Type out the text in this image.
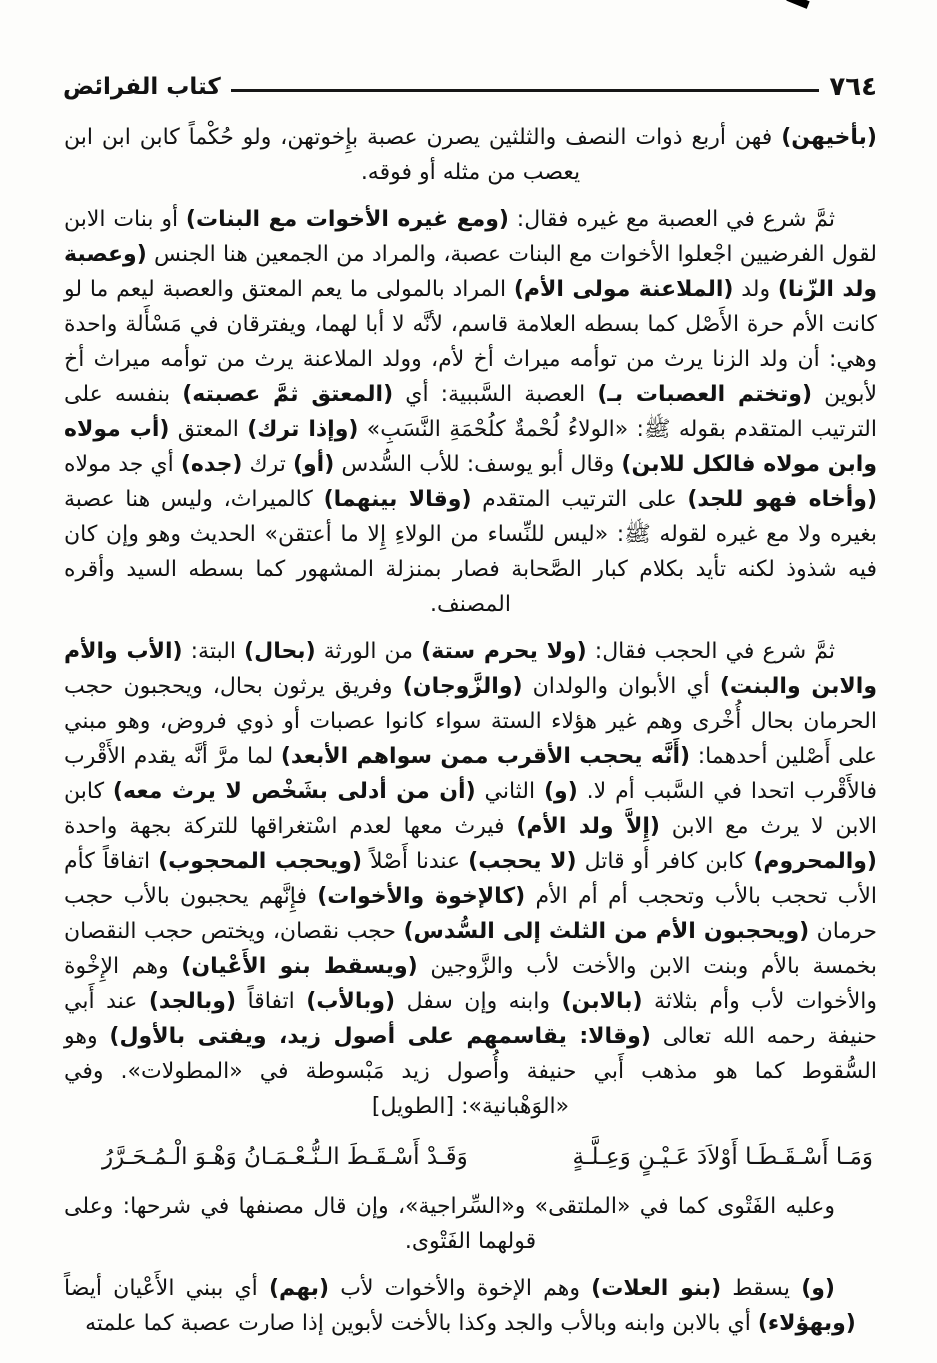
٧٦٤
كتاب الفرائض

(بأخيهن) فهن أربع ذوات النصف والثلثين يصرن عصبة بإِخوتهن، ولو حُكْماً كابن ابن ابن يعصب من مثله أو فوقه.

ثمَّ شرع في العصبة مع غيره فقال: (ومع غيره الأخوات مع البنات) أو بنات الابن لقول الفرضيين اجْعلوا الأخوات مع البنات عصبة، والمراد من الجمعين هنا الجنس (وعصبة ولد الزّنا) ولد (الملاعنة مولى الأم) المراد بالمولى ما يعم المعتق والعصبة ليعم ما لو كانت الأم حرة الأَصْل كما بسطه العلامة قاسم، لأنَّه لا أبا لهما، ويفترقان في مَسْأَلة واحدة وهي: أن ولد الزنا يرث من توأمه ميراث أخ لأم، وولد الملاعنة يرث من توأمه ميراث أخ لأبوين (وتختم العصبات بـ) العصبة السَّببية: أي (المعتق ثمَّ عصبته) بنفسه على الترتيب المتقدم بقوله ﷺ: «الولاءُ لُحْمةٌ كلُحْمَةِ النَّسَبِ» (وإذا ترك) المعتق (أب مولاه وابن مولاه فالكل للابن) وقال أبو يوسف: للأب السُّدس (أو) ترك (جده) أي جد مولاه (وأخاه فهو للجد) على الترتيب المتقدم (وقالا بينهما) كالميراث، وليس هنا عصبة بغيره ولا مع غيره لقوله ﷺ: «ليس للنِّساء من الولاءِ إِلا ما أعتقن» الحديث وهو وإن كان فيه شذوذ لكنه تأيد بكلام كبار الصَّحابة فصار بمنزلة المشهور كما بسطه السيد وأقره المصنف.

ثمَّ شرع في الحجب فقال: (ولا يحرم ستة) من الورثة (بحال) البتة: (الأب والأم والابن والبنت) أي الأبوان والولدان (والزَّوجان) وفريق يرثون بحال، ويحجبون حجب الحرمان بحال أُخْرى وهم غير هؤلاء الستة سواء كانوا عصبات أو ذوي فروض، وهو مبني على أَصْلين أحدهما: (أَنَّه يحجب الأقرب ممن سواهم الأبعد) لما مرَّ أنَّه يقدم الأَقْرب فالأَقْرب اتحدا في السَّبب أم لا. (و) الثاني (أن من أدلى بشَخْص لا يرث معه) كابن الابن لا يرث مع الابن (إِلاَّ ولد الأم) فيرث معها لعدم اسْتغراقها للتركة بجهة واحدة (والمحروم) كابن كافر أو قاتل (لا يحجب) عندنا أَصْلاً (ويحجب المحجوب) اتفاقاً كأم الأب تحجب بالأب وتحجب أم أم الأم (كالإخوة والأخوات) فإِنَّهم يحجبون بالأب حجب حرمان (ويحجبون الأم من الثلث إلى السُّدس) حجب نقصان، ويختص حجب النقصان بخمسة بالأم وبنت الابن والأخت لأب والزَّوجين (ويسقط بنو الأَعْيان) وهم الإِخْوة والأخوات لأب وأم بثلاثة (بالابن) وابنه وإن سفل (وبالأب) اتفاقاً (وبالجد) عند أَبي حنيفة رحمه الله تعالى (وقالا: يقاسمهم على أصول زيد، ويفتى بالأول) وهو السُّقوط كما هو مذهب أَبي حنيفة وأُصول زيد مَبْسوطة في «المطولات». وفي «الوَهْبانية»: [الطويل]

وَمَـا أَسْـقَـطَـا أَوْلاَدَ عَـيْـنٍ وَعِـلَّـةٍ
وَقَـدْ أَسْـقَـطَ الـنُّـعْـمَـانُ وَهْـوَ الْـمُـحَـرَّرُ

وعليه الفَتْوى كما في «الملتقى» و«السِّراجية»، وإن قال مصنفها في شرحها: وعلى قولهما الفَتْوى.

(و) يسقط (بنو العلات) وهم الإخوة والأخوات لأب (بهم) أي ببني الأَعْيان أيضاً (وبهؤلاء) أي بالابن وابنه وبالأب والجد وكذا بالأخت لأبوين إذا صارت عصبة كما علمته
